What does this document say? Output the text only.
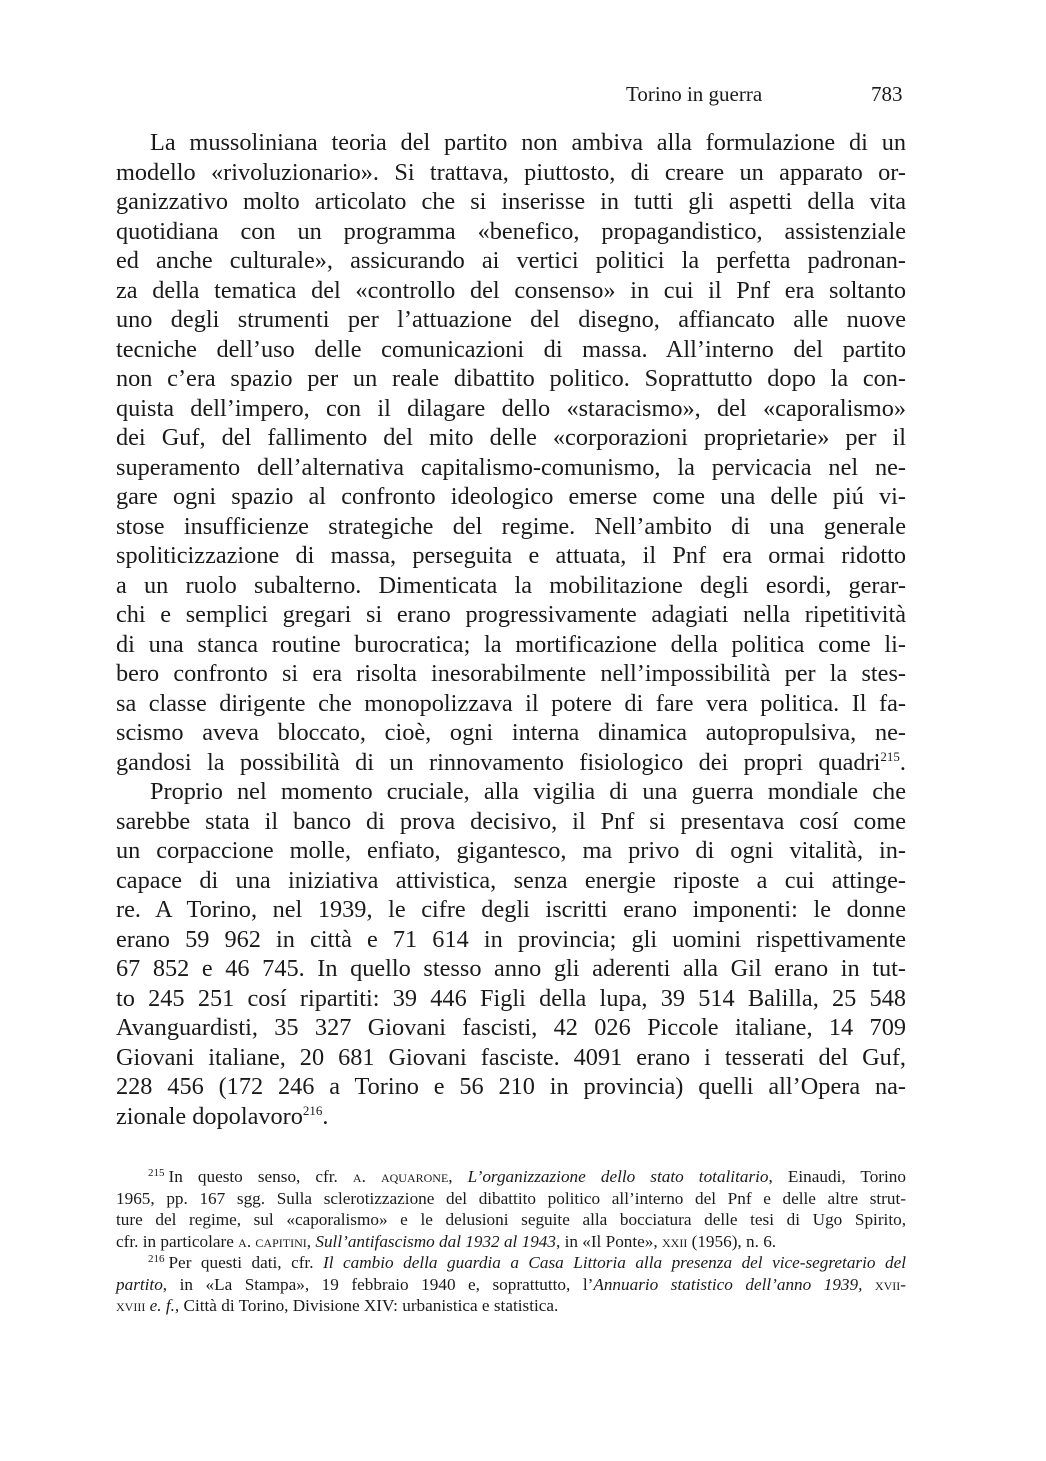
Torino in guerra	783
La mussoliniana teoria del partito non ambiva alla formulazione di un
modello «rivoluzionario». Si trattava, piuttosto, di creare un apparato or-
ganizzativo molto articolato che si inserisse in tutti gli aspetti della vita
quotidiana con un programma «benefico, propagandistico, assistenziale
ed anche culturale», assicurando ai vertici politici la perfetta padronan-
za della tematica del «controllo del consenso» in cui il Pnf era soltanto
uno degli strumenti per l’attuazione del disegno, affiancato alle nuove
tecniche dell’uso delle comunicazioni di massa. All’interno del partito
non c’era spazio per un reale dibattito politico. Soprattutto dopo la con-
quista dell’impero, con il dilagare dello «staracismo», del «caporalismo»
dei Guf, del fallimento del mito delle «corporazioni proprietarie» per il
superamento dell’alternativa capitalismo-comunismo, la pervicacia nel ne-
gare ogni spazio al confronto ideologico emerse come una delle piú vi-
stose insufficienze strategiche del regime. Nell’ambito di una generale
spoliticizzazione di massa, perseguita e attuata, il Pnf era ormai ridotto
a un ruolo subalterno. Dimenticata la mobilitazione degli esordi, gerar-
chi e semplici gregari si erano progressivamente adagiati nella ripetitività
di una stanca routine burocratica; la mortificazione della politica come li-
bero confronto si era risolta inesorabilmente nell’impossibilità per la stes-
sa classe dirigente che monopolizzava il potere di fare vera politica. Il fa-
scismo aveva bloccato, cioè, ogni interna dinamica autopropulsiva, ne-
gandosi la possibilità di un rinnovamento fisiologico dei propri quadri$^{215}$.
Proprio nel momento cruciale, alla vigilia di una guerra mondiale che
sarebbe stata il banco di prova decisivo, il Pnf si presentava cosí come
un corpaccione molle, enfiato, gigantesco, ma privo di ogni vitalità, in-
capace di una iniziativa attivistica, senza energie riposte a cui attinge-
re. A Torino, nel 1939, le cifre degli iscritti erano imponenti: le donne
erano 59 962 in città e 71 614 in provincia; gli uomini rispettivamente
67 852 e 46 745. In quello stesso anno gli aderenti alla Gil erano in tut-
to 245 251 cosí ripartiti: 39 446 Figli della lupa, 39 514 Balilla, 25 548
Avanguardisti, 35 327 Giovani fascisti, 42 026 Piccole italiane, 14 709
Giovani italiane, 20 681 Giovani fasciste. 4091 erano i tesserati del Guf,
228 456 (172 246 a Torino e 56 210 in provincia) quelli all’Opera na-
zionale dopolavoro$^{216}$.
$^{215}$ In questo senso, cfr. a. aquarone, L’organizzazione dello stato totalitario, Einaudi, Torino
1965, pp. 167 sgg. Sulla sclerotizzazione del dibattito politico all’interno del Pnf e delle altre strut-
ture del regime, sul «caporalismo» e le delusioni seguite alla bocciatura delle tesi di Ugo Spirito,
cfr. in particolare a. capitini, Sull’antifascismo dal 1932 al 1943, in «Il Ponte», xxii (1956), n. 6.
$^{216}$ Per questi dati, cfr. Il cambio della guardia a Casa Littoria alla presenza del vice-segretario del
partito, in «La Stampa», 19 febbraio 1940 e, soprattutto, l’Annuario statistico dell’anno 1939, xvii-
xviii e. f., Città di Torino, Divisione XIV: urbanistica e statistica.
